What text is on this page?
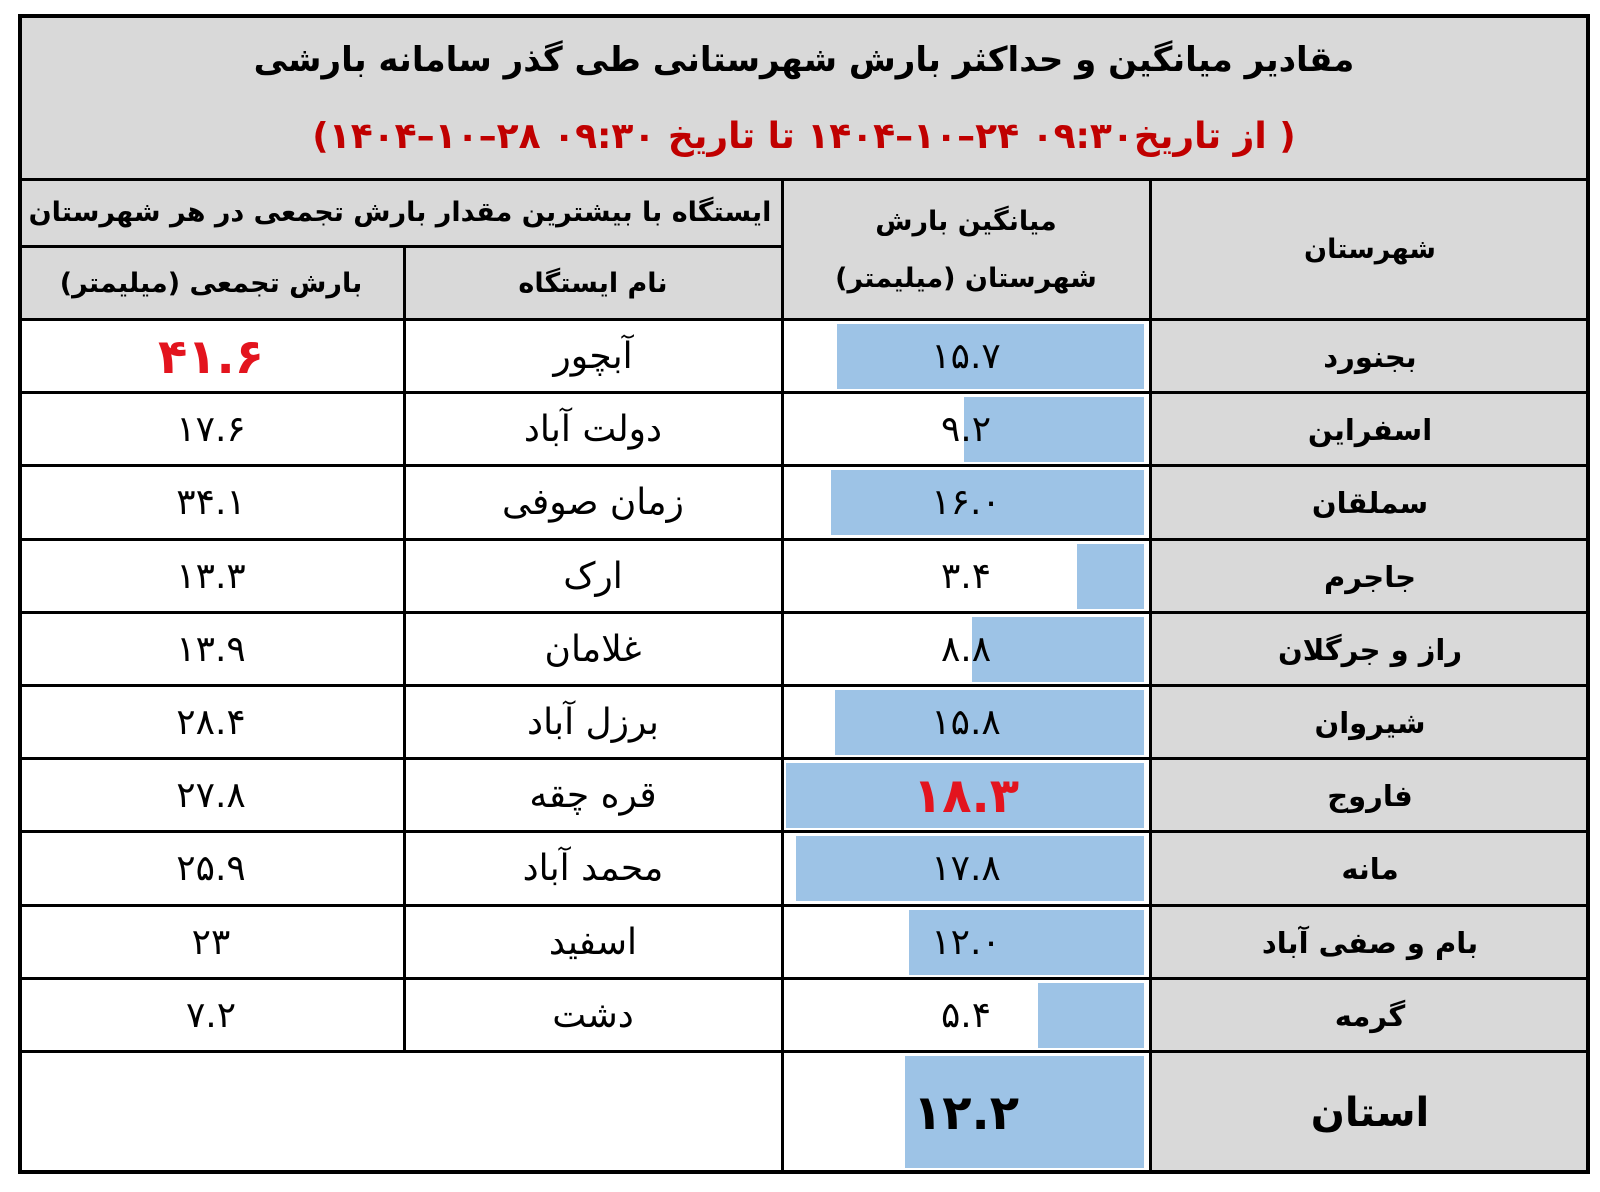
مقادیر میانگین و حداکثر بارش شهرستانی طی گذر سامانه بارشی
( از تاریخ۰۹:۳۰ ۲۴–۱۰–۱۴۰۴ تا تاریخ ۰۹:۳۰ ۲۸–۱۰–۱۴۰۴)
شهرستان
میانگین بارش
شهرستان (میلیمتر)
ایستگاه با بیشترین مقدار بارش تجمعی در هر شهرستان
نام ایستگاه
بارش تجمعی (میلیمتر)
بجنورد
۱۵.۷
آبچور
۴۱.۶
اسفراین
۹.۲
دولت آباد
۱۷.۶
سملقان
۱۶.۰
زمان صوفی
۳۴.۱
جاجرم
۳.۴
ارک
۱۳.۳
راز و جرگلان
۸.۸
غلامان
۱۳.۹
شیروان
۱۵.۸
برزل آباد
۲۸.۴
فاروج
۱۸.۳
قره چقه
۲۷.۸
مانه
۱۷.۸
محمد آباد
۲۵.۹
بام و صفی آباد
۱۲.۰
اسفید
۲۳
گرمه
۵.۴
دشت
۷.۲
استان
۱۲.۲
